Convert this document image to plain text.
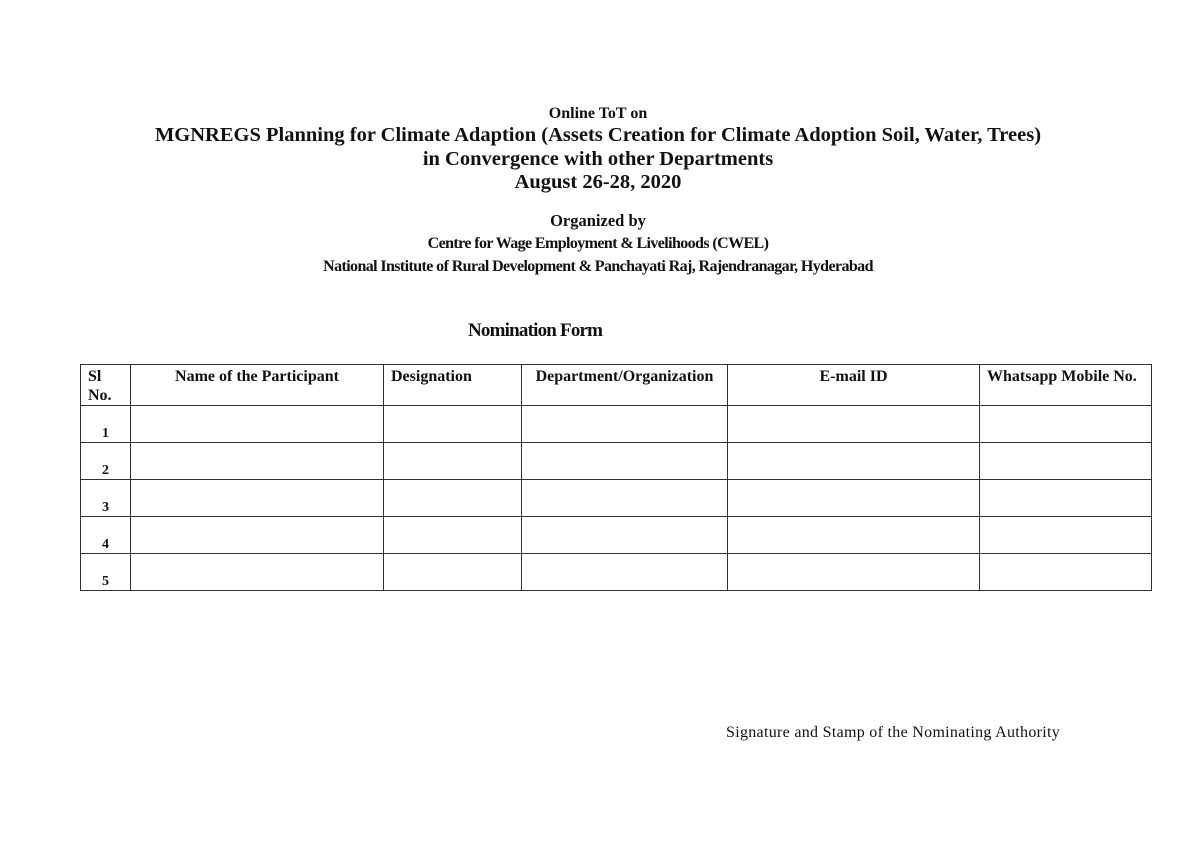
Online ToT on
MGNREGS Planning for Climate Adaption (Assets Creation for Climate Adoption Soil, Water, Trees)
in Convergence with other Departments
August 26-28, 2020
Organized by
Centre for Wage Employment & Livelihoods (CWEL)
National Institute of Rural Development & Panchayati Raj, Rajendranagar, Hyderabad
Nomination Form
Sl No.	Name of the Participant	Designation	Department/Organization	E-mail ID	Whatsapp Mobile No.
1					
2					
3					
4					
5					
Signature and Stamp of the Nominating Authority
